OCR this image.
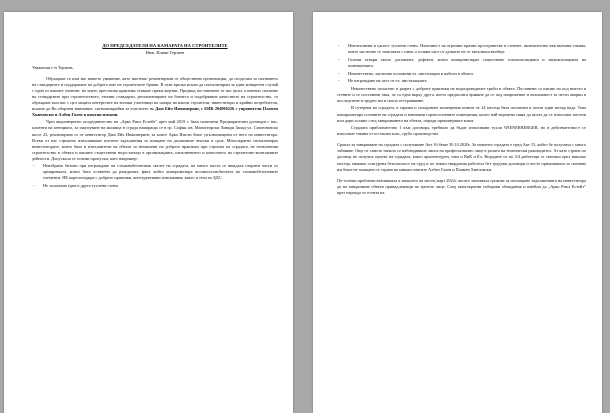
ДО ПРЕДСЕДАТЕЛЯ НА КАМАРАТА НА СТРОИТЕЛИТЕ
Инж. Илиян Терзиев
Уважаеми г-н Терзиев,

Обръщаме се към вас нашето уважение, като ипотеки/ ремонтирани от обществени организации, да споделим за спазването на стандартите и поддържане на доброто име на строителите бранш. В тази връзка искам да сигнализирам за един конкретен случай с един от вашите членове, на чието престъпна практика ставаме преки жертви. Предвид поставените от вас цели, а именно спазване на стандартите при строителството, етични стандарти, регламентиране на бизнеса и подобряване качеството на строителство, се обръщаме към вас с цел защита интересите на всички участници на пазара на имоти строители, инвеститори и крайни потребители, искаме да Ви обърнем внимание, сигнализирайки за участието на Джи Ейч Инжинеринг, с ЕИК 204906226 с управители Пламен Хинчовски и Албен Галев в имотни измами.

Чрез акционерното посредничество на „Арко Риъл Естейт" през май 2019 г. бяха сключени Предварителни договори с нас, клиенти на агенцията, за закупуване на жилища в сграда намираща се в гр. София, кв. Манастирски Ливади Запад ул. Симеоновско шосе 23, реализирана се от инвеститор Джи Ейч Инжинеринг, за които Арко Имоти беше упълномощени от него на инвеститора. Всеки от нас стриктно изпълняваше поетите задължения за плащане на дължимите вноски в срок. Многократно сигнализирах инвеститорите, които бяха и изпълнители на обекта за нехвалени на доброто практики при строежа на сградата, не изпълнения строителство в обекта и нашите съществени недостатъци в организацията, изпълнението и качеството на строително-монтажните дейности. Допускала се големи пропуски, като например:

-	Неизбрани битови при изграждане на стоманобетоновия скелет на сградата, на много места се виждаха открити части от армировката, които бяха оставени да ръждясват, факт, който компрометира носимостоисбиотата на стоманобетоновите елементи, НЕ кореспондира с добрите практики, конструктивни изисквания, както и тези по БДС.
-	Не залагаема една в друга тухлени стени
-	Неизпълнени в цялост тухлени стени. Наличност на огромни празни пространства в стените, включително във външни такива, които частично се запълваха с пяна, а голяма част от дупките не се запълваха въобще.
-	Големи отвори около догramите, дефекти, които компрометират съществено топлоизолацията и звукоизолацията на помещенията.
-	Некачествено, хаотично положени ел. инсталации и кабели в обекта.
-	Не изграждане на част от ел. инсталацията

Некачествено полагане, в разрез с добрите практики на водопроводните тръби в обекта. Поставени са шацно на под вместо в стените и се поставени така, че са една върху друга, което предполага вряване да се под напрежение и възможност за чести аварии в последствие и трудно ми и скъпо отстраняване.

В сутерена на сградата, в гаражи и складовите помещения повече от 24 месеца бяха потопени в почти един метър вода. Това компрометира основите на сградата и нанизани горепосочените помещения, които най-вероятно няма да могат да се използват местни или дори голямо след завършването на обекта, поради прекомерната влага.

Сградата приблизително 1 към договора, требвало да бъдат използвани тухли WIENERBERGER, но в действителност се използват такива от по-малка клас, грубо производство.

Срокът за завършване на сградата с получаване Акт 16 беше 30.10.2020г. За момента сградата е пред Акт 15, който бе получиха с много забавяне. Още от самото начало се наблюдаваше липса на професионално лице в ролята на технически ръководител. Аз като страна по договор не получих проект на сградата, както архитектурен, така и ВиК и Ел. Впрадите от по 3/4 работещи се сменяха през няколко месеца, нямаше осигурена безопасност на труд и по тежки твърдения работеха без трудови договори и често причиняваха за сменяне им беше не плащане от страна на мнимостаятите Албен Галев и Пламен Хинчовски.

По-големи проблеми възникнаха в началото на месец март 2022г. когато започнаха срокове за изплащане задълженията на инвеститора да на завършване обекти принадлежащи на третото лице. След многократни събирани обаждания и имейли до „Арко Риъл Естейт" през периода от есента на
